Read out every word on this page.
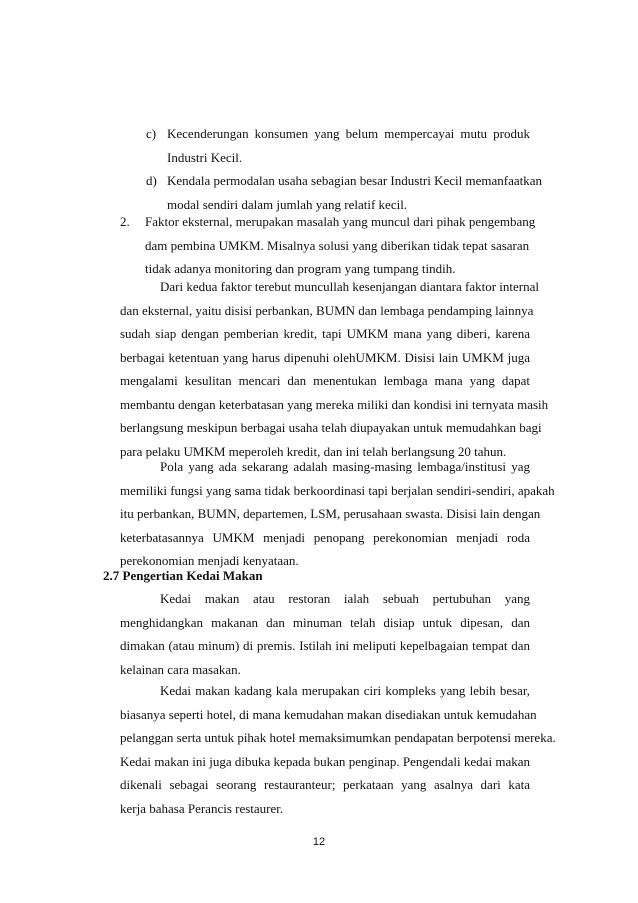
c) Kecenderungan konsumen yang belum mempercayai mutu produk
Industri Kecil.
d) Kendala permodalan usaha sebagian besar Industri Kecil memanfaatkan
modal sendiri dalam jumlah yang relatif kecil.
2. Faktor eksternal, merupakan masalah yang muncul dari pihak pengembang
dam pembina UMKM. Misalnya solusi yang diberikan tidak tepat sasaran
tidak adanya monitoring dan program yang tumpang tindih.
Dari kedua faktor terebut muncullah kesenjangan diantara faktor internal
dan eksternal, yaitu disisi perbankan, BUMN dan lembaga pendamping lainnya
sudah siap dengan pemberian kredit, tapi UMKM mana yang diberi, karena
berbagai ketentuan yang harus dipenuhi olehUMKM. Disisi lain UMKM juga
mengalami kesulitan mencari dan menentukan lembaga mana yang dapat
membantu dengan keterbatasan yang mereka miliki dan kondisi ini ternyata masih
berlangsung meskipun berbagai usaha telah diupayakan untuk memudahkan bagi
para pelaku UMKM meperoleh kredit, dan ini telah berlangsung 20 tahun.
Pola yang ada sekarang adalah masing-masing lembaga/institusi yag
memiliki fungsi yang sama tidak berkoordinasi tapi berjalan sendiri-sendiri, apakah
itu perbankan, BUMN, departemen, LSM, perusahaan swasta. Disisi lain dengan
keterbatasannya UMKM menjadi penopang perekonomian menjadi roda
perekonomian menjadi kenyataan.
2.7 Pengertian Kedai Makan
Kedai makan atau restoran ialah sebuah pertubuhan yang
menghidangkan makanan dan minuman telah disiap untuk dipesan, dan
dimakan (atau minum) di premis. Istilah ini meliputi kepelbagaian tempat dan
kelainan cara masakan.
Kedai makan kadang kala merupakan ciri kompleks yang lebih besar,
biasanya seperti hotel, di mana kemudahan makan disediakan untuk kemudahan
pelanggan serta untuk pihak hotel memaksimumkan pendapatan berpotensi mereka.
Kedai makan ini juga dibuka kepada bukan penginap. Pengendali kedai makan
dikenali sebagai seorang restauranteur; perkataan yang asalnya dari kata
kerja bahasa Perancis restaurer.
12
